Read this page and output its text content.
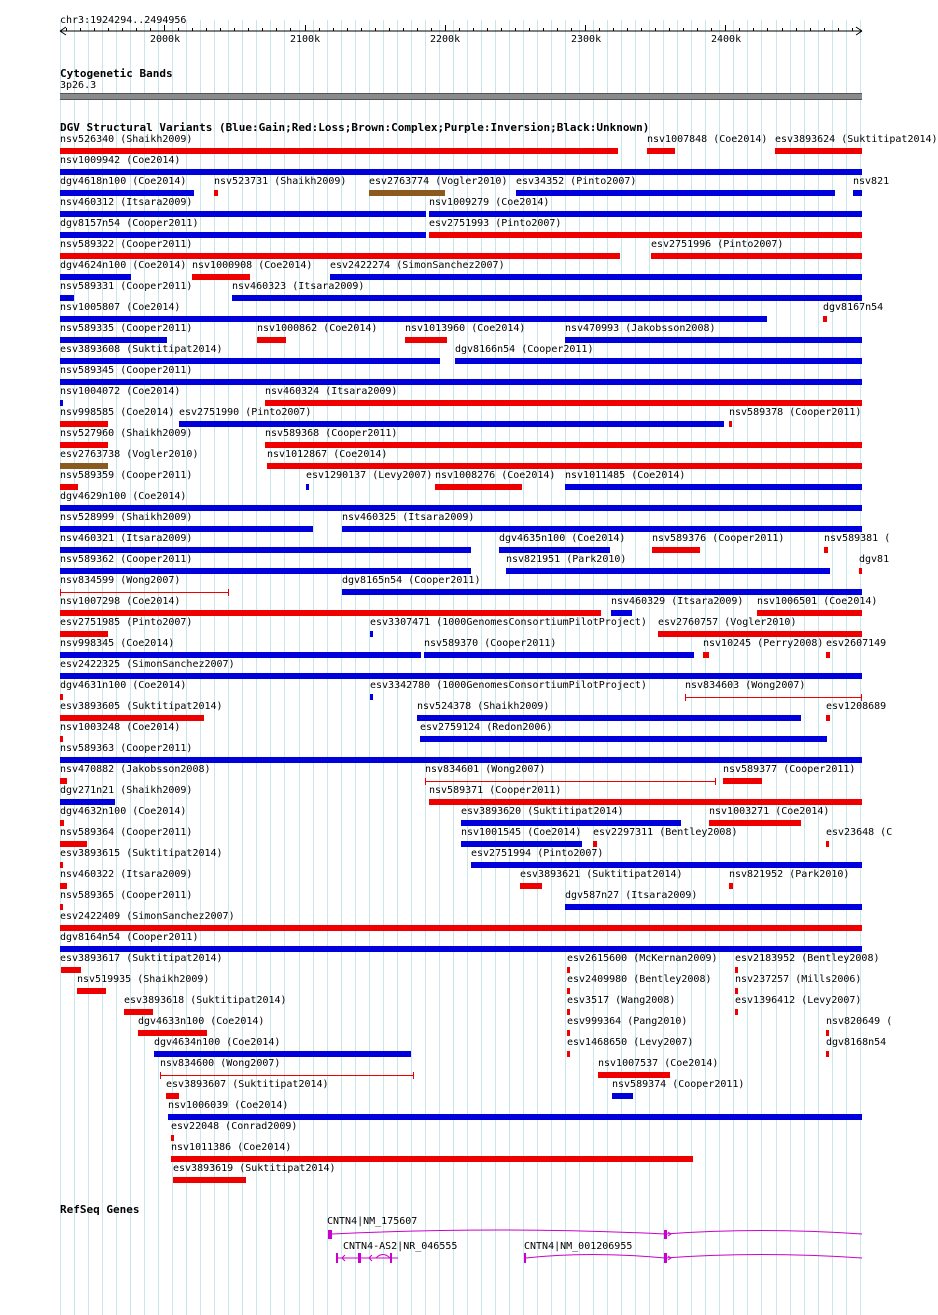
chr3:1924294..2494956
2000k	2100k	2200k	2300k	2400k
Cytogenetic Bands
3p26.3
DGV Structural Variants (Blue:Gain;Red:Loss;Brown:Complex;Purple:Inversion;Black:Unknown)
nsv526340 (Shaikh2009)	nsv1007848 (Coe2014) esv3893624 (Suktitipat2014)
nsv1009942 (Coe2014)
dgv4618n100 (Coe2014)	nsv523731 (Shaikh2009) esv2763774 (Vogler2010) esv34352 (Pinto2007)	nsv821
nsv460312 (Itsara2009)	nsv1009279 (Coe2014)
dgv8157n54 (Cooper2011)	esv2751993 (Pinto2007)
nsv589322 (Cooper2011)	esv2751996 (Pinto2007)
dgv4624n100 (Coe2014) nsv1000908 (Coe2014) esv2422274 (SimonSanchez2007)
nsv589331 (Cooper2011)	nsv460323 (Itsara2009)
nsv1005807 (Coe2014)	dgv8167n54
nsv589335 (Cooper2011)	nsv1000862 (Coe2014)	nsv1013960 (Coe2014)	nsv470993 (Jakobsson2008)
esv3893608 (Suktitipat2014)	dgv8166n54 (Cooper2011)
nsv589345 (Cooper2011)
nsv1004072 (Coe2014)	nsv460324 (Itsara2009)
nsv998585 (Coe2014) esv2751990 (Pinto2007)	nsv589378 (Cooper2011)
nsv527960 (Shaikh2009)	nsv589368 (Cooper2011)
esv2763738 (Vogler2010)	nsv1012867 (Coe2014)
nsv589359 (Cooper2011)	esv1290137 (Levy2007) nsv1008276 (Coe2014) nsv1011485 (Coe2014)
dgv4629n100 (Coe2014)
nsv528999 (Shaikh2009)	nsv460325 (Itsara2009)
nsv460321 (Itsara2009)	dgv4635n100 (Coe2014)	nsv589376 (Cooper2011)	nsv589381 (
nsv589362 (Cooper2011)	nsv821951 (Park2010)	dgv81
nsv834599 (Wong2007)	dgv8165n54 (Cooper2011)
nsv1007298 (Coe2014)	nsv460329 (Itsara2009) nsv1006501 (Coe2014)
esv2751985 (Pinto2007)	esv3307471 (1000GenomesConsortiumPilotProject) esv2760757 (Vogler2010)
nsv998345 (Coe2014)	nsv589370 (Cooper2011)	nsv10245 (Perry2008) esv2607149
esv2422325 (SimonSanchez2007)
dgv4631n100 (Coe2014)	esv3342780 (1000GenomesConsortiumPilotProject)	nsv834603 (Wong2007)
esv3893605 (Suktitipat2014)	nsv524378 (Shaikh2009)	esv1208689
nsv1003248 (Coe2014)	esv2759124 (Redon2006)
nsv589363 (Cooper2011)
nsv470882 (Jakobsson2008)	nsv834601 (Wong2007)	nsv589377 (Cooper2011)
dgv271n21 (Shaikh2009)	nsv589371 (Cooper2011)
dgv4632n100 (Coe2014)	esv3893620 (Suktitipat2014)	nsv1003271 (Coe2014)
nsv589364 (Cooper2011)	nsv1001545 (Coe2014) esv2297311 (Bentley2008)	esv23648 (C
esv3893615 (Suktitipat2014)	esv2751994 (Pinto2007)
nsv460322 (Itsara2009)	esv3893621 (Suktitipat2014)	nsv821952 (Park2010)
nsv589365 (Cooper2011)	dgv587n27 (Itsara2009)
esv2422409 (SimonSanchez2007)
dgv8164n54 (Cooper2011)
esv3893617 (Suktitipat2014)	esv2615600 (McKernan2009) esv2183952 (Bentley2008)
nsv519935 (Shaikh2009)	esv2409980 (Bentley2008) nsv237257 (Mills2006)
esv3893618 (Suktitipat2014)	esv3517 (Wang2008)	esv1396412 (Levy2007)
dgv4633n100 (Coe2014)	esv999364 (Pang2010)	nsv820649 (
dgv4634n100 (Coe2014)	esv1468650 (Levy2007)	dgv8168n54
nsv834600 (Wong2007)	nsv1007537 (Coe2014)
esv3893607 (Suktitipat2014)	nsv589374 (Cooper2011)
nsv1006039 (Coe2014)
esv22048 (Conrad2009)
nsv1011386 (Coe2014)
esv3893619 (Suktitipat2014)
RefSeq Genes
CNTN4|NM_175607
CNTN4-AS2|NR_046555	CNTN4|NM_001206955
